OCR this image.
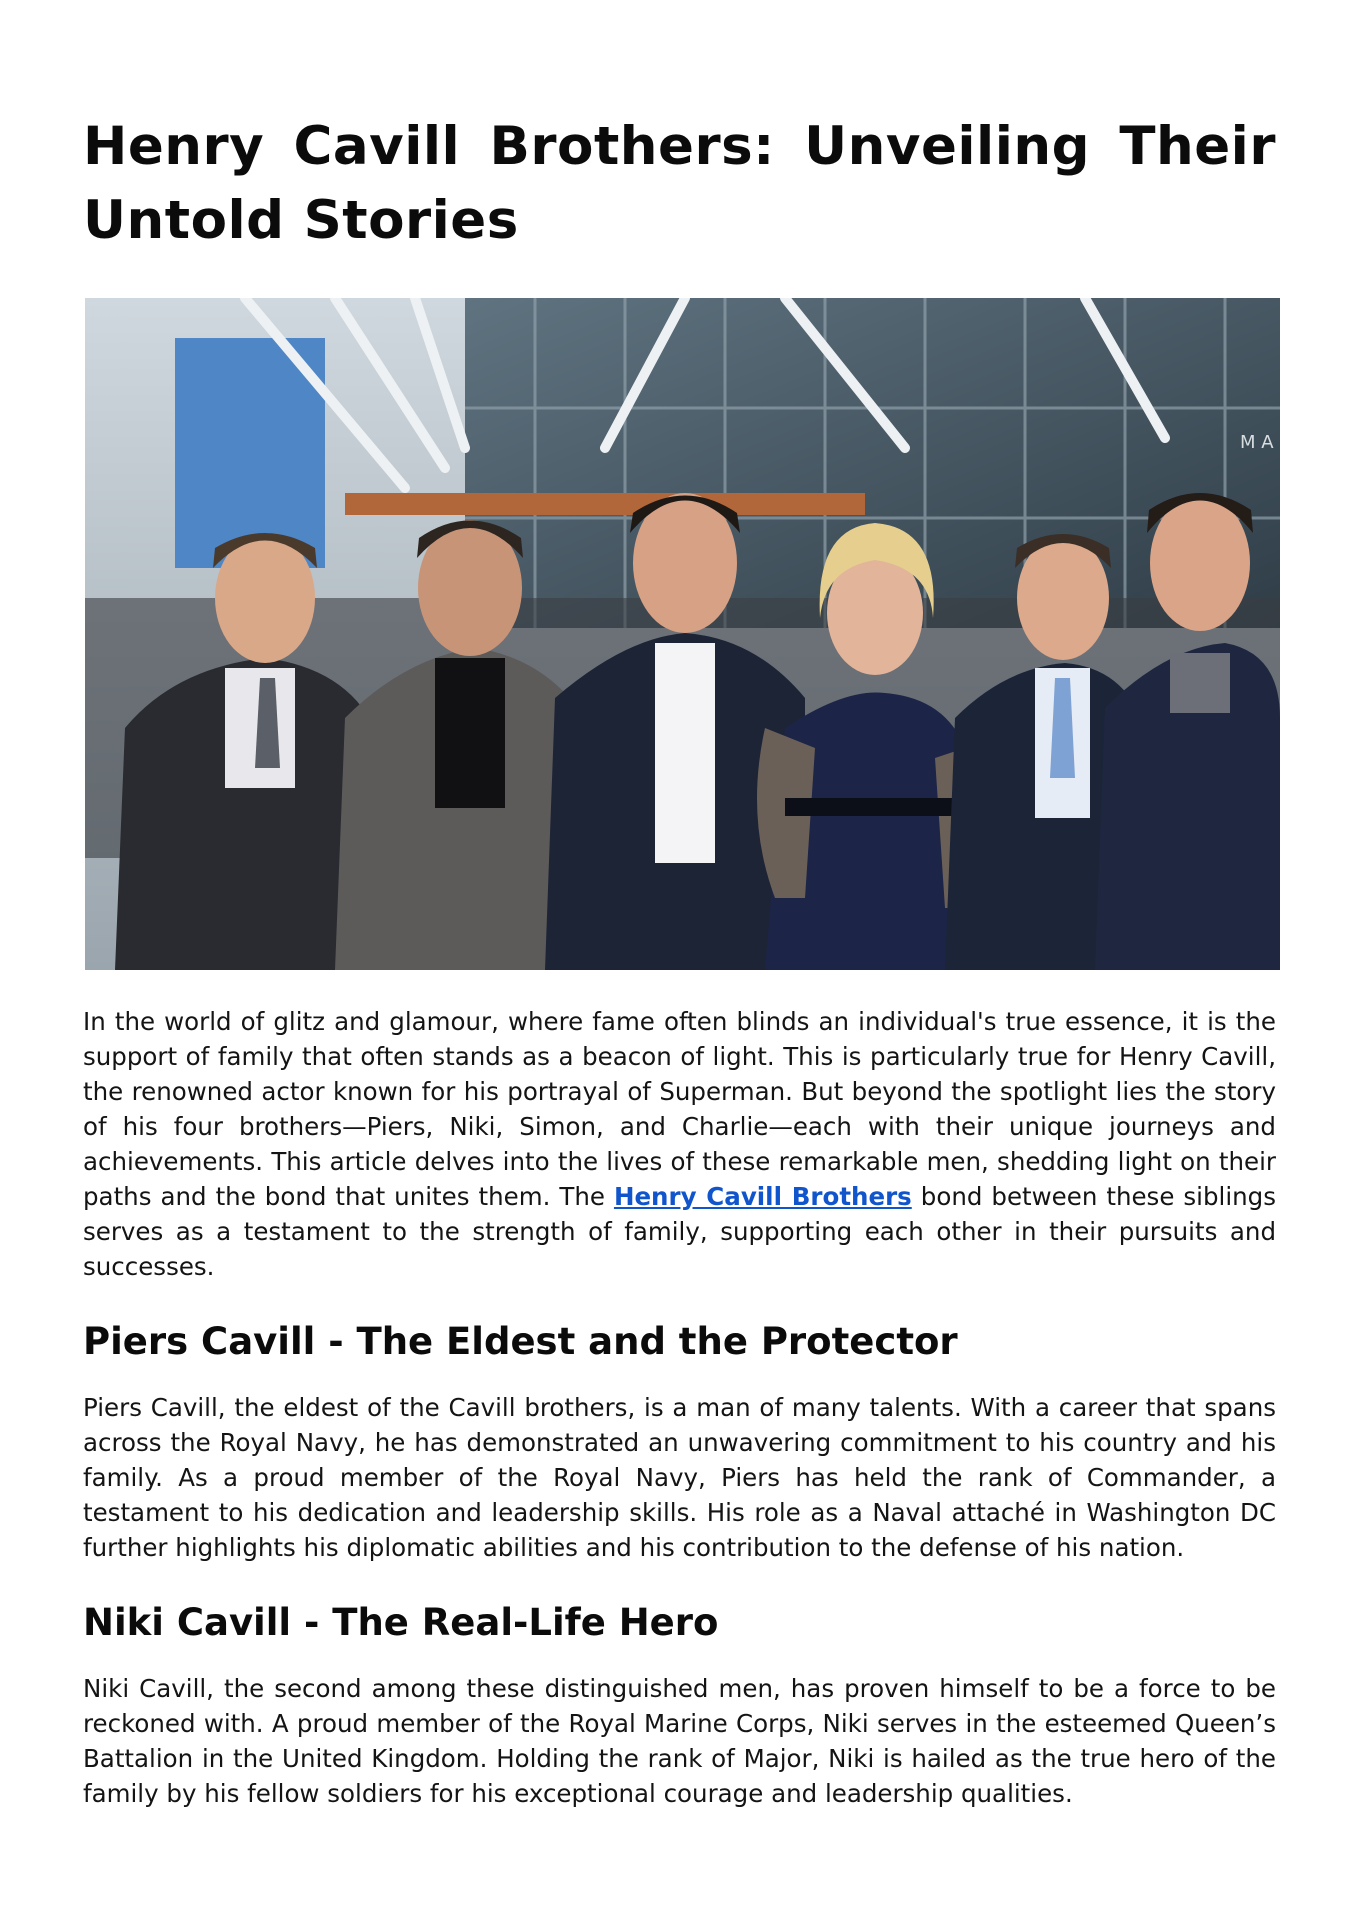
Henry Cavill Brothers: Unveiling Their Untold Stories
M A

In the world of glitz and glamour, where fame often blinds an individual's true essence, it is the support of family that often stands as a beacon of light. This is particularly true for Henry Cavill, the renowned actor known for his portrayal of Superman. But beyond the spotlight lies the story of his four brothers—Piers, Niki, Simon, and Charlie—each with their unique journeys and achievements. This article delves into the lives of these remarkable men, shedding light on their paths and the bond that unites them. The Henry Cavill Brothers bond between these siblings serves as a testament to the strength of family, supporting each other in their pursuits and successes.

Piers Cavill - The Eldest and the Protector

Piers Cavill, the eldest of the Cavill brothers, is a man of many talents. With a career that spans across the Royal Navy, he has demonstrated an unwavering commitment to his country and his family. As a proud member of the Royal Navy, Piers has held the rank of Commander, a testament to his dedication and leadership skills. His role as a Naval attaché in Washington DC further highlights his diplomatic abilities and his contribution to the defense of his nation.

Niki Cavill - The Real-Life Hero

Niki Cavill, the second among these distinguished men, has proven himself to be a force to be reckoned with. A proud member of the Royal Marine Corps, Niki serves in the esteemed Queen’s Battalion in the United Kingdom. Holding the rank of Major, Niki is hailed as the true hero of the family by his fellow soldiers for his exceptional courage and leadership qualities.
